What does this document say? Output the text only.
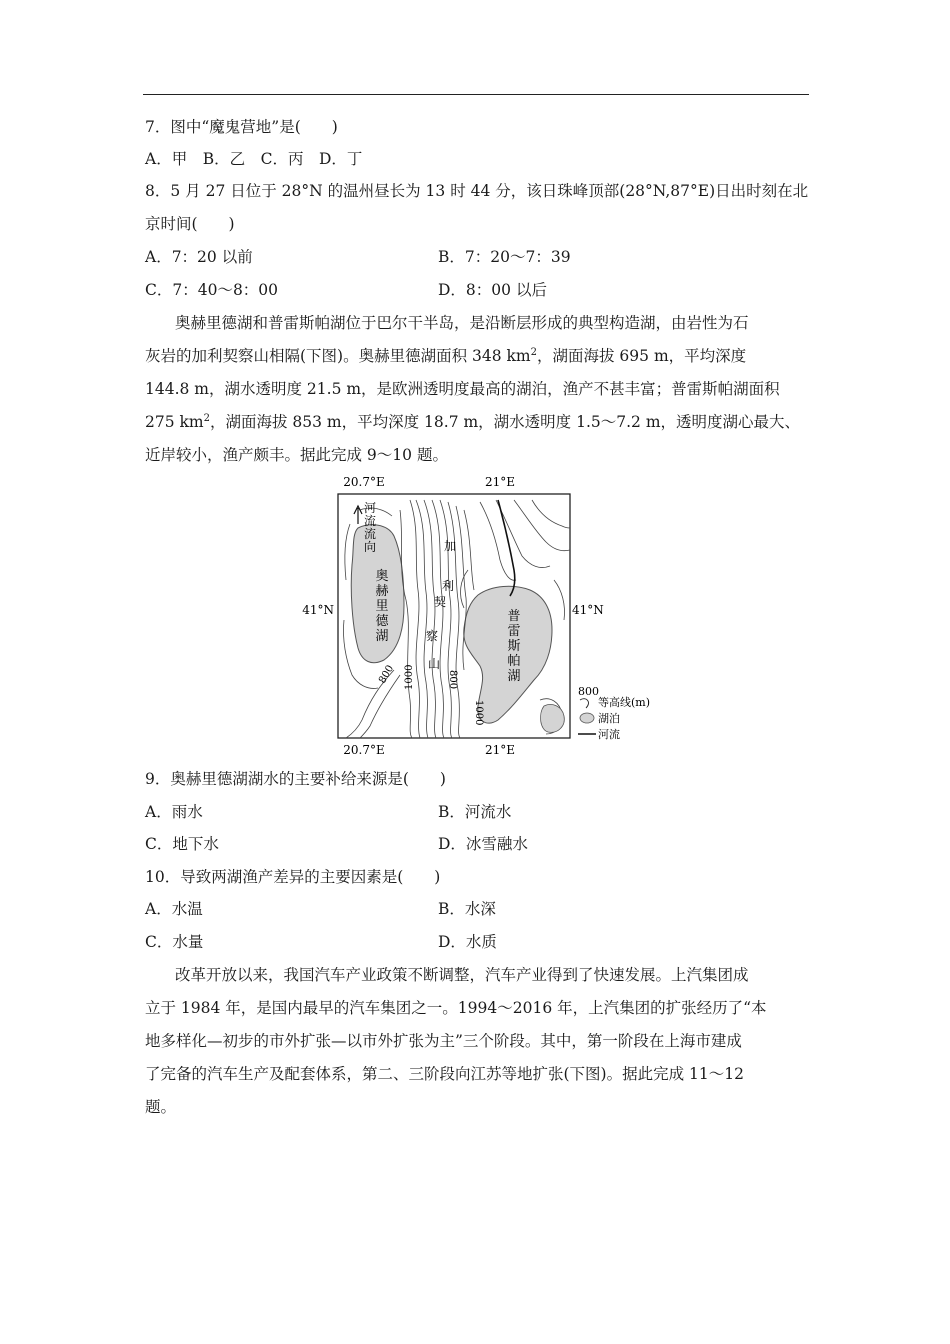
7．图中“魔鬼营地”是(　　)
A．甲　B．乙　C．丙　D．丁
8．5 月 27 日位于 28°N 的温州昼长为 13 时 44 分，该日珠峰顶部(28°N,87°E)日出时刻在北
京时间(　　)
A．7：20 以前	B．7：20～7：39
C．7：40～8：00	D．8：00 以后
奥赫里德湖和普雷斯帕湖位于巴尔干半岛，是沿断层形成的典型构造湖，由岩性为石
灰岩的加利契察山相隔(下图)。奥赫里德湖面积 348 $km^2$，湖面海拔 695 m，平均深度
144.8 m，湖水透明度 21.5 m，是欧洲透明度最高的湖泊，渔产不甚丰富；普雷斯帕湖面积
275 $km^2$，湖面海拔 853 m，平均深度 18.7 m，湖水透明度 1.5～7.2 m，透明度湖心最大、
近岸较小，渔产颇丰。据此完成 9～10 题。
20.7°E	21°E
20.7°E	21°E
41°N	41°N
河
流
流
向
奥
赫
里
德
湖
普
雷
斯
帕
湖
加
利
契
察
山
800 1000	800
1000
800
等高线(m)
湖泊
河流
9．奥赫里德湖湖水的主要补给来源是(　　)
A．雨水	B．河流水
C．地下水	D．冰雪融水
10．导致两湖渔产差异的主要因素是(　　)
A．水温	B．水深
C．水量	D．水质
改革开放以来，我国汽车产业政策不断调整，汽车产业得到了快速发展。上汽集团成
立于 1984 年，是国内最早的汽车集团之一。1994～2016 年，上汽集团的扩张经历了“本
地多样化—初步的市外扩张—以市外扩张为主”三个阶段。其中，第一阶段在上海市建成
了完备的汽车生产及配套体系，第二、三阶段向江苏等地扩张(下图)。据此完成 11～12
题。
